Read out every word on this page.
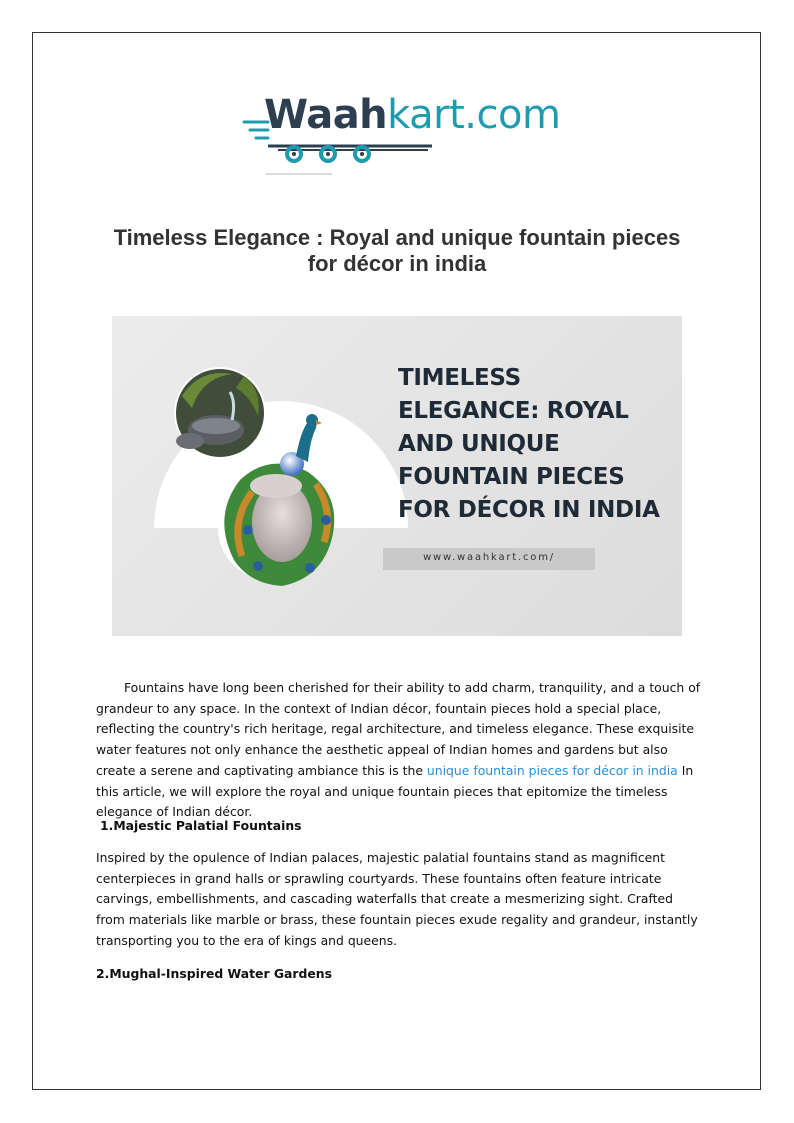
Waahkart.com
Timeless Elegance : Royal and unique fountain pieces for décor in india
TIMELESS ELEGANCE: ROYAL AND UNIQUE FOUNTAIN PIECES FOR DÉCOR IN INDIA
www.waahkart.com/

Fountains have long been cherished for their ability to add charm, tranquility, and a touch of grandeur to any space. In the context of Indian décor, fountain pieces hold a special place, reflecting the country's rich heritage, regal architecture, and timeless elegance. These exquisite water features not only enhance the aesthetic appeal of Indian homes and gardens but also create a serene and captivating ambiance this is the unique fountain pieces for décor in india In this article, we will explore the royal and unique fountain pieces that epitomize the timeless elegance of Indian décor.

1.Majestic Palatial Fountains

Inspired by the opulence of Indian palaces, majestic palatial fountains stand as magnificent centerpieces in grand halls or sprawling courtyards. These fountains often feature intricate carvings, embellishments, and cascading waterfalls that create a mesmerizing sight. Crafted from materials like marble or brass, these fountain pieces exude regality and grandeur, instantly transporting you to the era of kings and queens.

2.Mughal-Inspired Water Gardens
